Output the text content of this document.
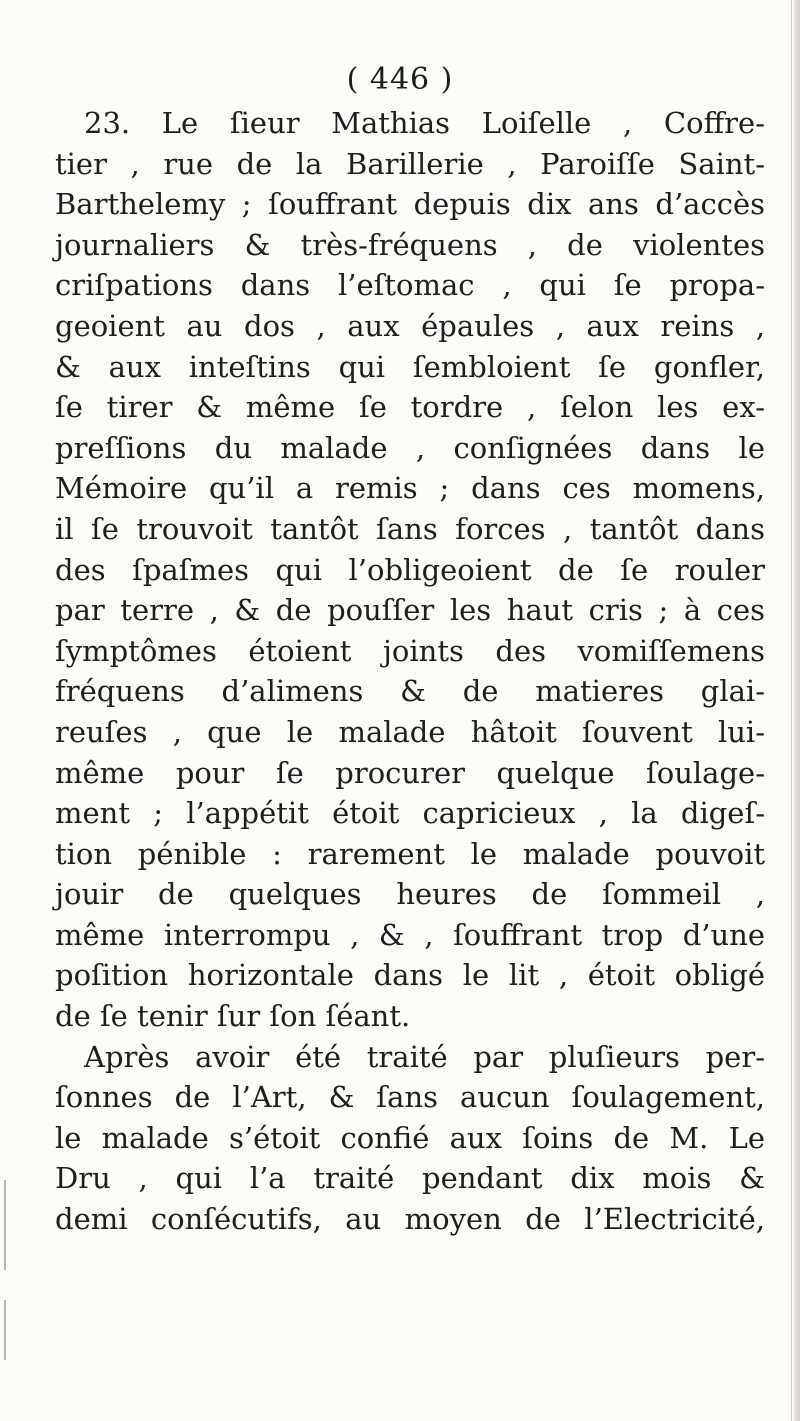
( 446 )
23. Le ſieur Mathias Loiſelle , Coffre-
tier , rue de la Barillerie , Paroiſſe Saint-
Barthelemy ; ſouffrant depuis dix ans d’accès
journaliers & très-fréquens , de violentes
criſpations dans l’eſtomac , qui ſe propa-
geoient au dos , aux épaules , aux reins ,
& aux inteſtins qui ſembloient ſe gonfler,
ſe tirer & même ſe tordre , ſelon les ex-
preſſions du malade , conſignées dans le
Mémoire qu’il a remis ; dans ces momens,
il ſe trouvoit tantôt ſans forces , tantôt dans
des ſpaſmes qui l’obligeoient de ſe rouler
par terre , & de pouſſer les haut cris ; à ces
ſymptômes étoient joints des vomiſſemens
fréquens d’alimens & de matieres glai-
reuſes , que le malade hâtoit ſouvent lui-
même pour ſe procurer quelque ſoulage-
ment ; l’appétit étoit capricieux , la digeſ-
tion pénible : rarement le malade pouvoit
jouir de quelques heures de ſommeil ,
même interrompu , & , ſouffrant trop d’une
poſition horizontale dans le lit , étoit obligé
de ſe tenir ſur ſon ſéant.
Après avoir été traité par pluſieurs per-
ſonnes de l’Art, & ſans aucun ſoulagement,
le malade s’étoit confié aux ſoins de M. Le
Dru , qui l’a traité pendant dix mois &
demi conſécutifs, au moyen de l’Electricité,
